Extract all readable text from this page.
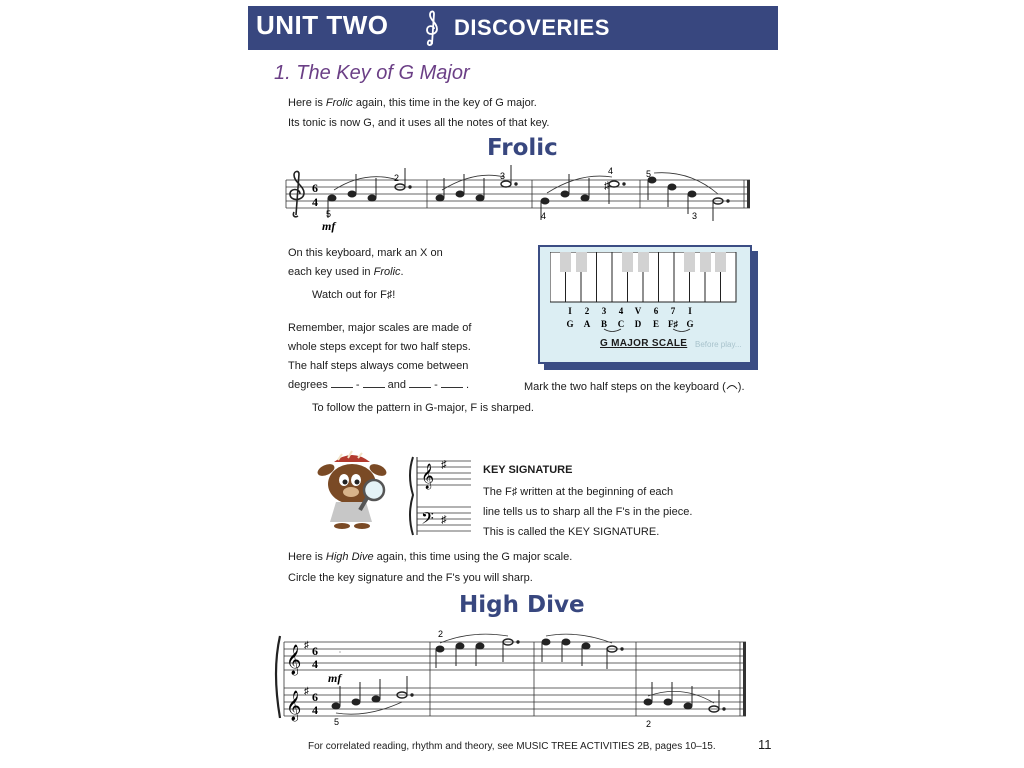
UNIT TWO	DISCOVERIES
1. The Key of G Major
Here is Frolic again, this time in the key of G major.
Its tonic is now G, and it uses all the notes of that key.
Frolic
6
4
♯
5
2	3	4
4
5
3
mf
On this keyboard, mark an X on
each key used in Frolic.
Watch out for F♯!
I 2 3 4 V 6 7 I
G A B C D E F♯ G
G MAJOR SCALE Before play...
Remember, major scales are made of
whole steps except for two half steps.
The half steps always come between
degrees  -	and	-	.	Mark the two half steps on the keyboard ( ).
To follow the pattern in G-major, F is sharped.
𝄞
𝄢
♯
♯
KEY SIGNATURE
The F♯ written at the beginning of each
line tells us to sharp all the F's in the piece.
This is called the KEY SIGNATURE.
Here is High Dive again, this time using the G major scale.
Circle the key signature and the F's you will sharp.
High Dive
𝄞
𝄞
♯
♯
6
4
6
4
2
5	2
mf
For correlated reading, rhythm and theory, see MUSIC TREE ACTIVITIES 2B, pages 10–15.	11
